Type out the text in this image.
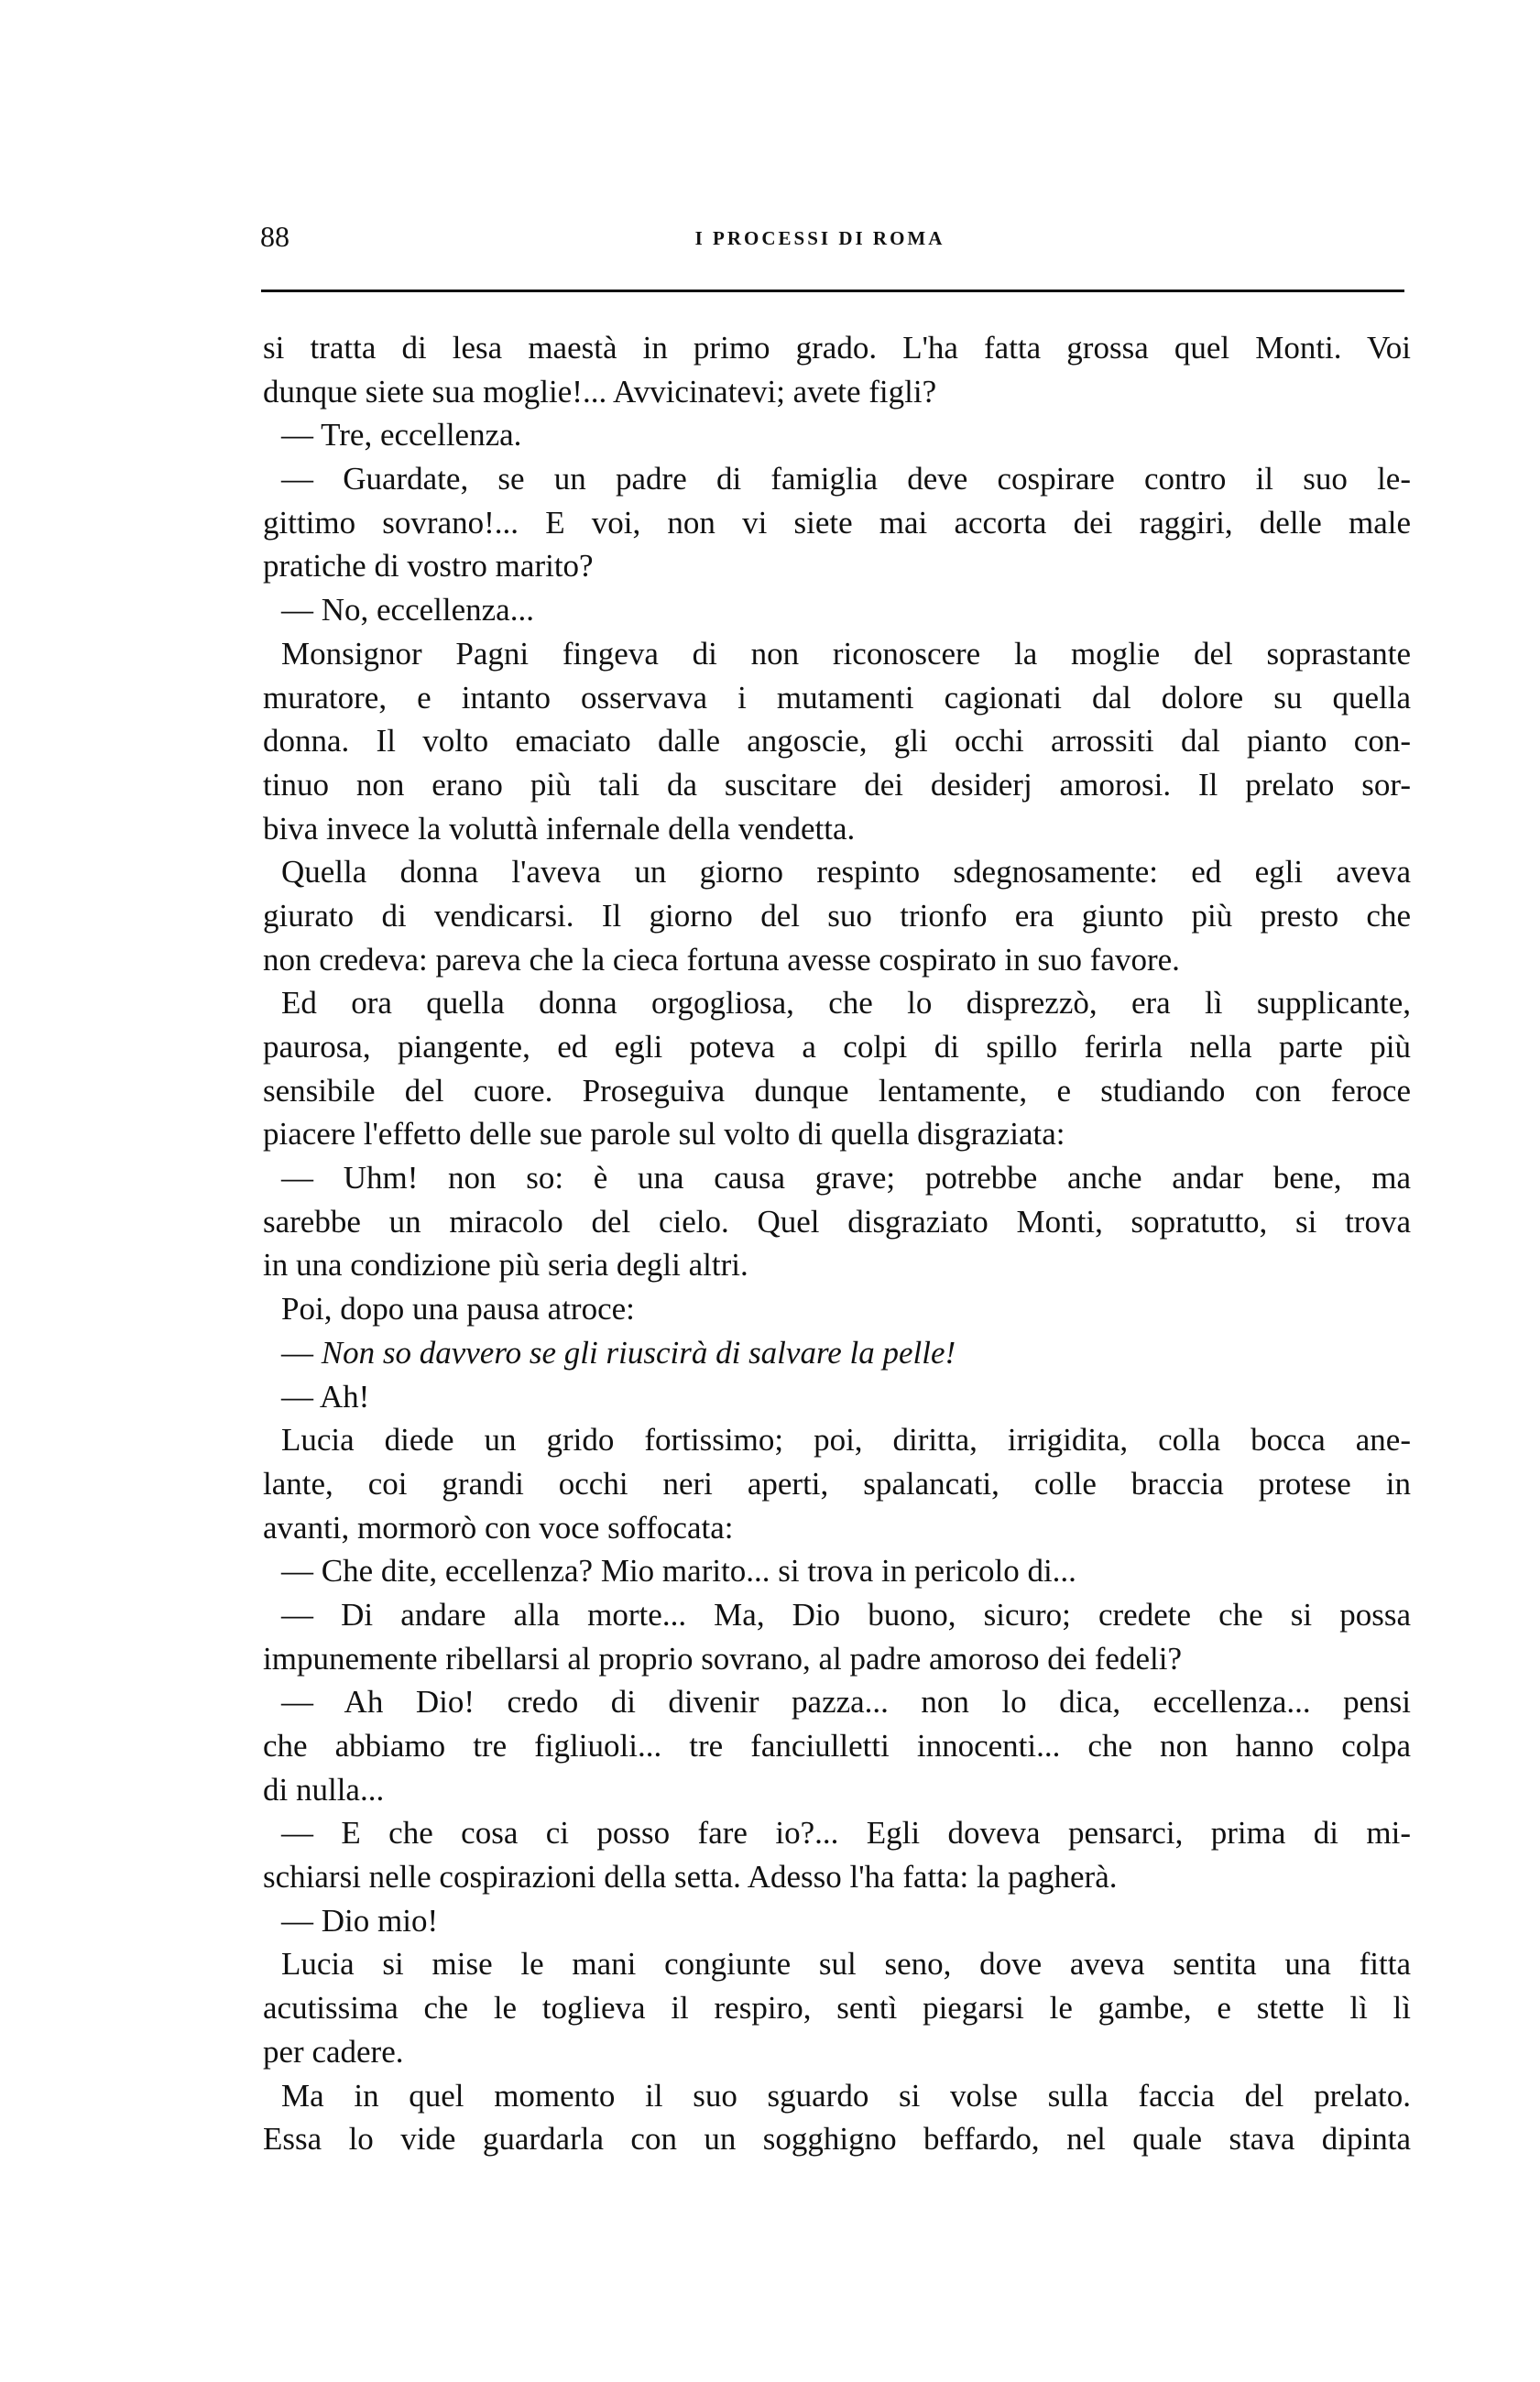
88	I PROCESSI DI ROMA
si tratta di lesa maestà in primo grado. L'ha fatta grossa quel Monti. Voi
dunque siete sua moglie!... Avvicinatevi; avete figli?
— Tre, eccellenza.
— Guardate, se un padre di famiglia deve cospirare contro il suo le-
gittimo sovrano!... E voi, non vi siete mai accorta dei raggiri, delle male
pratiche di vostro marito?
— No, eccellenza...
Monsignor Pagni fingeva di non riconoscere la moglie del soprastante
muratore, e intanto osservava i mutamenti cagionati dal dolore su quella
donna. Il volto emaciato dalle angoscie, gli occhi arrossiti dal pianto con-
tinuo non erano più tali da suscitare dei desiderj amorosi. Il prelato sor-
biva invece la voluttà infernale della vendetta.
Quella donna l'aveva un giorno respinto sdegnosamente: ed egli aveva
giurato di vendicarsi. Il giorno del suo trionfo era giunto più presto che
non credeva: pareva che la cieca fortuna avesse cospirato in suo favore.
Ed ora quella donna orgogliosa, che lo disprezzò, era lì supplicante,
paurosa, piangente, ed egli poteva a colpi di spillo ferirla nella parte più
sensibile del cuore. Proseguiva dunque lentamente, e studiando con feroce
piacere l'effetto delle sue parole sul volto di quella disgraziata:
— Uhm! non so: è una causa grave; potrebbe anche andar bene, ma
sarebbe un miracolo del cielo. Quel disgraziato Monti, sopratutto, si trova
in una condizione più seria degli altri.
Poi, dopo una pausa atroce:
— Non so davvero se gli riuscirà di salvare la pelle!
— Ah!
Lucia diede un grido fortissimo; poi, diritta, irrigidita, colla bocca ane-
lante, coi grandi occhi neri aperti, spalancati, colle braccia protese in
avanti, mormorò con voce soffocata:
— Che dite, eccellenza? Mio marito... si trova in pericolo di...
— Di andare alla morte... Ma, Dio buono, sicuro; credete che si possa
impunemente ribellarsi al proprio sovrano, al padre amoroso dei fedeli?
— Ah Dio! credo di divenir pazza... non lo dica, eccellenza... pensi
che abbiamo tre figliuoli... tre fanciulletti innocenti... che non hanno colpa
di nulla...
— E che cosa ci posso fare io?... Egli doveva pensarci, prima di mi-
schiarsi nelle cospirazioni della setta. Adesso l'ha fatta: la pagherà.
— Dio mio!
Lucia si mise le mani congiunte sul seno, dove aveva sentita una fitta
acutissima che le toglieva il respiro, sentì piegarsi le gambe, e stette lì lì
per cadere.
Ma in quel momento il suo sguardo si volse sulla faccia del prelato.
Essa lo vide guardarla con un sogghigno beffardo, nel quale stava dipinta
